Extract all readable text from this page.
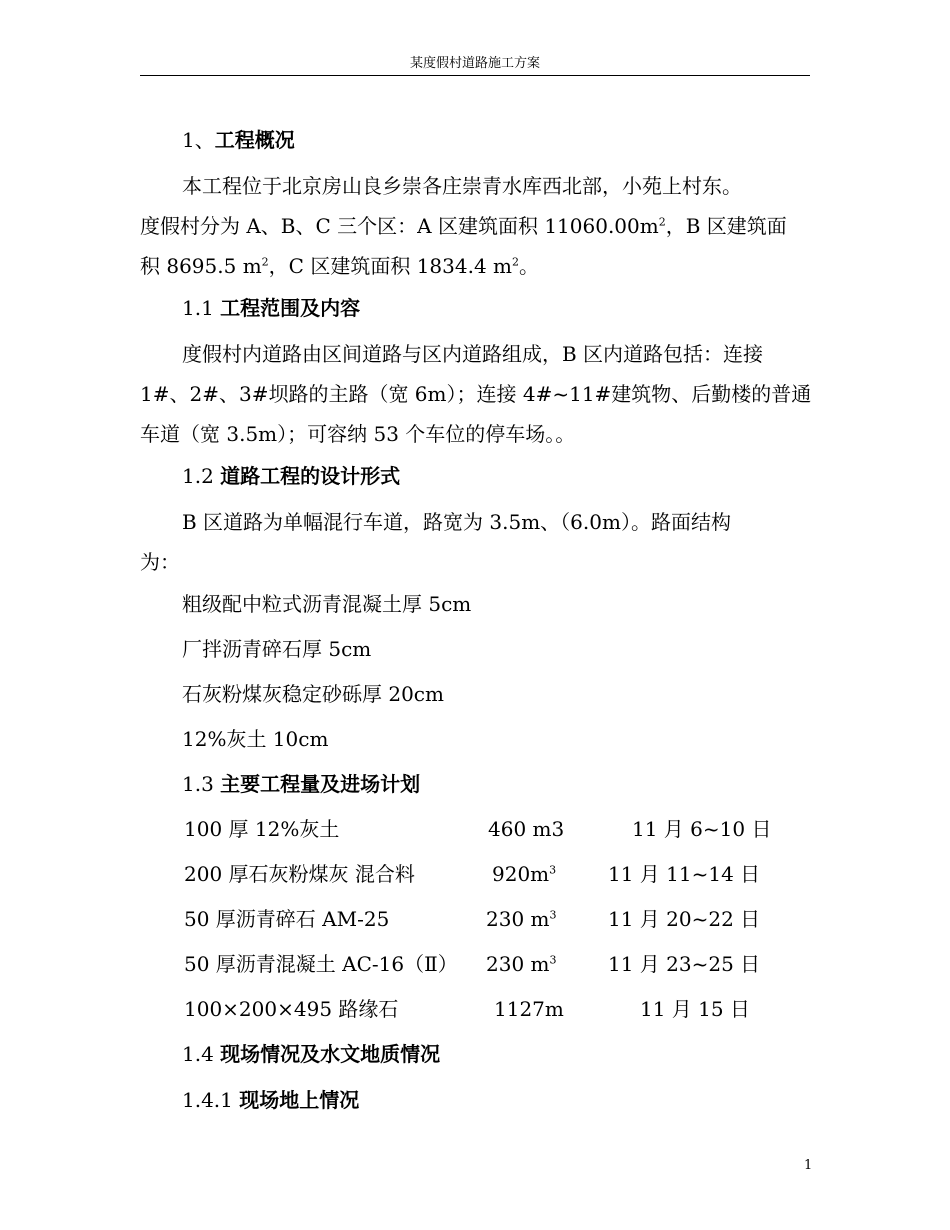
某度假村道路施工方案
1、工程概况
本工程位于北京房山良乡崇各庄崇青水库西北部，小苑上村东。
度假村分为 A、B、C 三个区：A 区建筑面积 $11060.00m^2$，B 区建筑面
积 8695.5 $m^2$，C 区建筑面积 1834.4 $m^2$。
1.1 工程范围及内容
度假村内道路由区间道路与区内道路组成，B 区内道路包括：连接
1#、2#、3#坝路的主路（宽 6m）；连接 4#~11#建筑物、后勤楼的普通
车道（宽 3.5m）；可容纳 53 个车位的停车场。。
1.2 道路工程的设计形式
B 区道路为单幅混行车道，路宽为 3.5m、（6.0m）。路面结构
为：
粗级配中粒式沥青混凝土厚 5cm
厂拌沥青碎石厚 5cm
石灰粉煤灰稳定砂砾厚 20cm
12%灰土 10cm
1.3 主要工程量及进场计划
100 厚 12%灰土	460 m3	11 月 6~10 日
200 厚石灰粉煤灰 混合料	$920m^3$	11 月 11~14 日
50 厚沥青碎石 AM-25	230 $m^3$	11 月 20~22 日
50 厚沥青混凝土 AC-16（Ⅱ） 230 $m^3$	11 月 23~25 日
100×200×495 路缘石	1127m	11 月 15 日
1.4 现场情况及水文地质情况
1.4.1 现场地上情况
1
